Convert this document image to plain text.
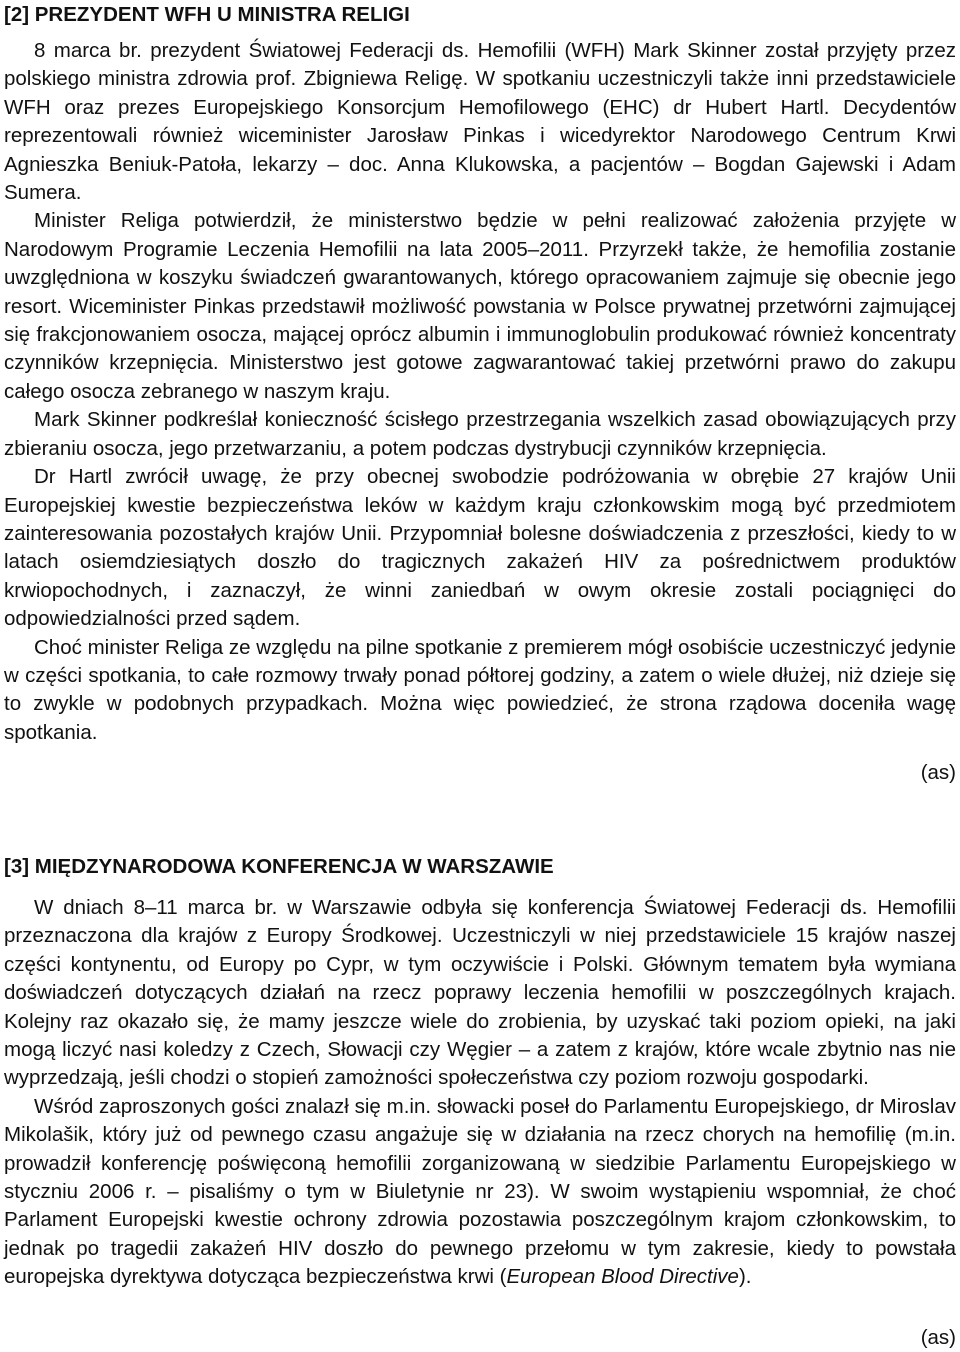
[2] PREZYDENT WFH U MINISTRA RELIGI

8 marca br. prezydent Światowej Federacji ds. Hemofilii (WFH) Mark Skinner został przyjęty przez polskiego ministra zdrowia prof. Zbigniewa Religę. W spotkaniu uczestniczyli także inni przedstawiciele WFH oraz prezes Europejskiego Konsorcjum Hemofilowego (EHC) dr Hubert Hartl. Decydentów reprezentowali również wiceminister Jarosław Pinkas i wicedyrektor Narodowego Centrum Krwi Agnieszka Beniuk-Patoła, lekarzy – doc. Anna Klukowska, a pacjentów – Bogdan Gajewski i Adam Sumera.

Minister Religa potwierdził, że ministerstwo będzie w pełni realizować założenia przyjęte w Narodowym Programie Leczenia Hemofilii na lata 2005–2011. Przyrzekł także, że hemofilia zostanie uwzględniona w koszyku świadczeń gwarantowanych, którego opracowaniem zajmuje się obecnie jego resort. Wiceminister Pinkas przedstawił możliwość powstania w Polsce prywatnej przetwórni zajmującej się frakcjonowaniem osocza, mającej oprócz albumin i immunoglobulin produkować również koncentraty czynników krzepnięcia. Ministerstwo jest gotowe zagwarantować takiej przetwórni prawo do zakupu całego osocza zebranego w naszym kraju.

Mark Skinner podkreślał konieczność ścisłego przestrzegania wszelkich zasad obowiązujących przy zbieraniu osocza, jego przetwarzaniu, a potem podczas dystrybucji czynników krzepnięcia.

Dr Hartl zwrócił uwagę, że przy obecnej swobodzie podróżowania w obrębie 27 krajów Unii Europejskiej kwestie bezpieczeństwa leków w każdym kraju członkowskim mogą być przedmiotem zainteresowania pozostałych krajów Unii. Przypomniał bolesne doświadczenia z przeszłości, kiedy to w latach osiemdziesiątych doszło do tragicznych zakażeń HIV za pośrednictwem produktów krwiopochodnych, i zaznaczył, że winni zaniedbań w owym okresie zostali pociągnięci do odpowiedzialności przed sądem.

Choć minister Religa ze względu na pilne spotkanie z premierem mógł osobiście uczestniczyć jedynie w części spotkania, to całe rozmowy trwały ponad półtorej godziny, a zatem o wiele dłużej, niż dzieje się to zwykle w podobnych przypadkach. Można więc powiedzieć, że strona rządowa doceniła wagę spotkania.

(as)

[3] MIĘDZYNARODOWA KONFERENCJA W WARSZAWIE

W dniach 8–11 marca br. w Warszawie odbyła się konferencja Światowej Federacji ds. Hemofilii przeznaczona dla krajów z Europy Środkowej. Uczestniczyli w niej przedstawiciele 15 krajów naszej części kontynentu, od Europy po Cypr, w tym oczywiście i Polski. Głównym tematem była wymiana doświadczeń dotyczących działań na rzecz poprawy leczenia hemofilii w poszczególnych krajach. Kolejny raz okazało się, że mamy jeszcze wiele do zrobienia, by uzyskać taki poziom opieki, na jaki mogą liczyć nasi koledzy z Czech, Słowacji czy Węgier – a zatem z krajów, które wcale zbytnio nas nie wyprzedzają, jeśli chodzi o stopień zamożności społeczeństwa czy poziom rozwoju gospodarki.

Wśród zaproszonych gości znalazł się m.in. słowacki poseł do Parlamentu Europejskiego, dr Miroslav Mikolašik, który już od pewnego czasu angażuje się w działania na rzecz chorych na hemofilię (m.in. prowadził konferencję poświęconą hemofilii zorganizowaną w siedzibie Parlamentu Europejskiego w styczniu 2006 r. – pisaliśmy o tym w Biuletynie nr 23). W swoim wystąpieniu wspomniał, że choć Parlament Europejski kwestie ochrony zdrowia pozostawia poszczególnym krajom członkowskim, to jednak po tragedii zakażeń HIV doszło do pewnego przełomu w tym zakresie, kiedy to powstała europejska dyrektywa dotycząca bezpieczeństwa krwi (European Blood Directive).

(as)
